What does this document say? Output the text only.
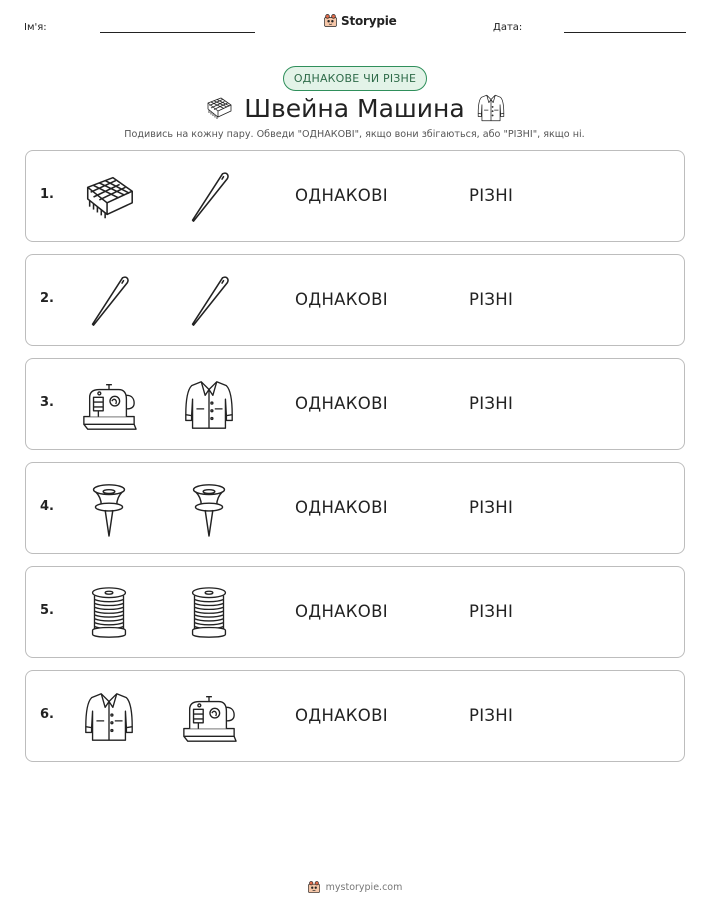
Ім'я:	Storypie	Дата:
ОДНАКОВЕ ЧИ РІЗНЕ
Швейна Машина
Подивись на кожну пару. Обведи "ОДНАКОВІ", якщо вони збігаються, або "РІЗНІ", якщо ні.
1.	ОДНАКОВІ	РІЗНІ
2.	ОДНАКОВІ	РІЗНІ
3.	ОДНАКОВІ	РІЗНІ
4.	ОДНАКОВІ	РІЗНІ
5.	ОДНАКОВІ	РІЗНІ
6.	ОДНАКОВІ	РІЗНІ
mystorypie.com
